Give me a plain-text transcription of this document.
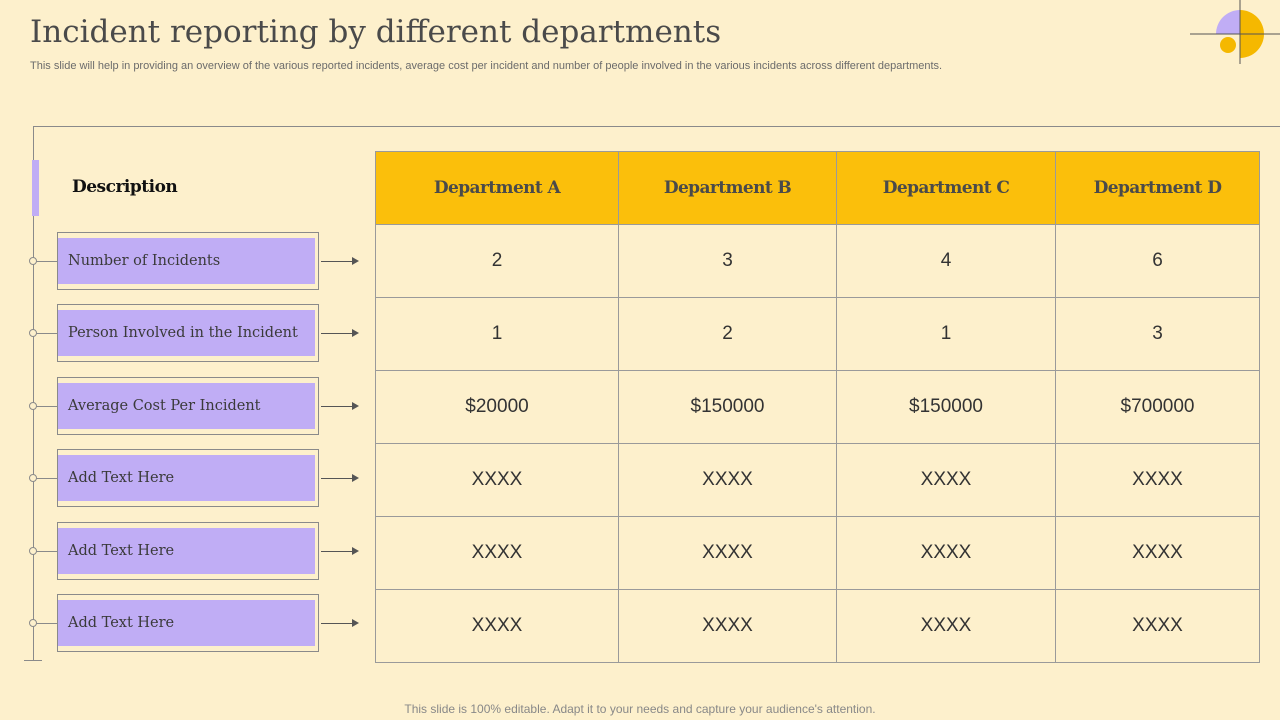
Incident reporting by different departments
This slide will help in providing an overview of the various reported incidents, average cost per incident and number of people involved in the various incidents across different departments.
Description
Number of Incidents
Person Involved in the Incident
Average Cost Per Incident
Add Text Here
Add Text Here
Add Text Here
Department A	Department B	Department C	Department D
2	3	4	6
1	2	1	3
$20000	$150000	$150000	$700000
XXXX	XXXX	XXXX	XXXX
XXXX	XXXX	XXXX	XXXX
XXXX	XXXX	XXXX	XXXX
This slide is 100% editable. Adapt it to your needs and capture your audience's attention.
